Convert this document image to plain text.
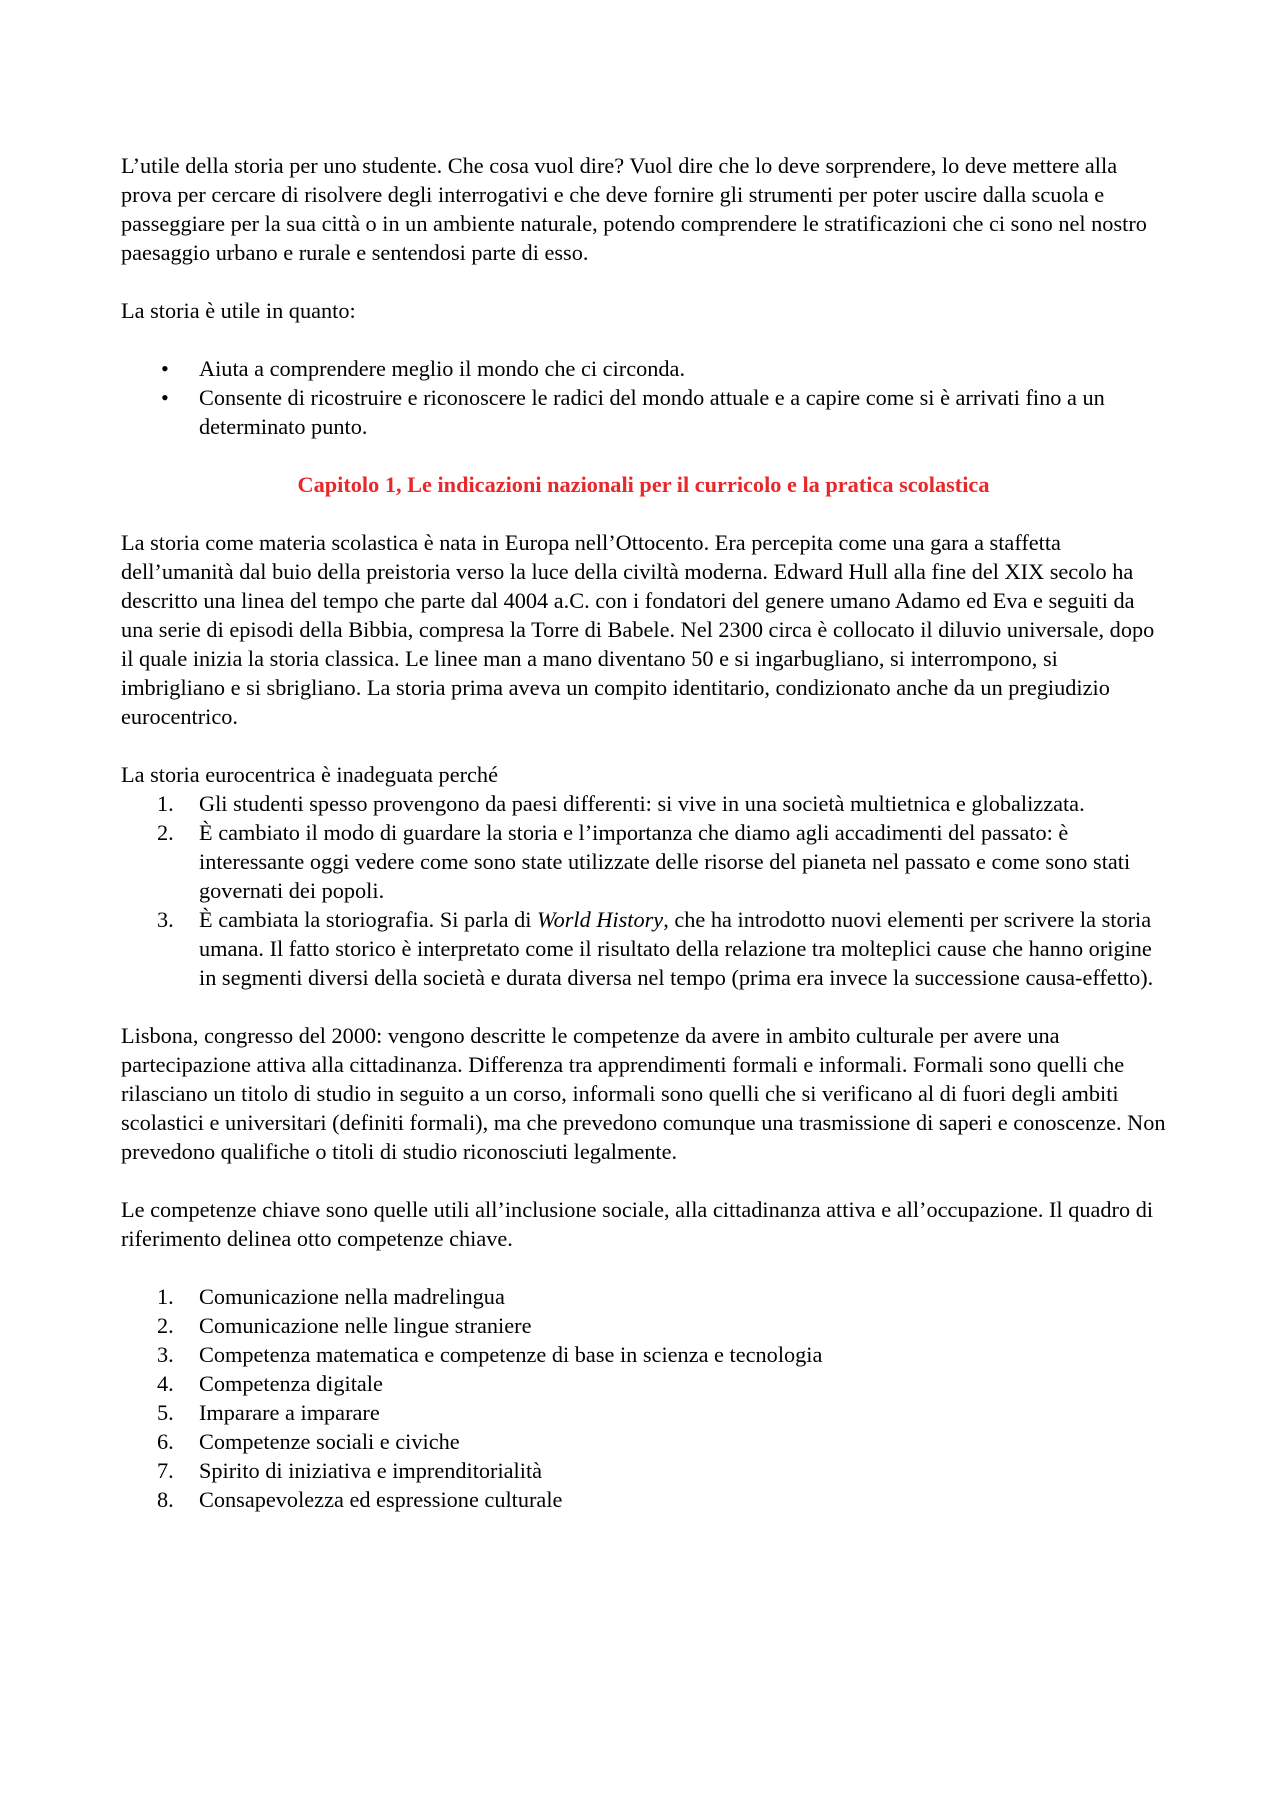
L’utile della storia per uno studente. Che cosa vuol dire? Vuol dire che lo deve sorprendere, lo deve mettere alla prova per cercare di risolvere degli interrogativi e che deve fornire gli strumenti per poter uscire dalla scuola e passeggiare per la sua città o in un ambiente naturale, potendo comprendere le stratificazioni che ci sono nel nostro paesaggio urbano e rurale e sentendosi parte di esso.

La storia è utile in quanto:

• Aiuta a comprendere meglio il mondo che ci circonda.
• Consente di ricostruire e riconoscere le radici del mondo attuale e a capire come si è arrivati fino a un determinato punto.

Capitolo 1, Le indicazioni nazionali per il curricolo e la pratica scolastica

La storia come materia scolastica è nata in Europa nell’Ottocento. Era percepita come una gara a staffetta dell’umanità dal buio della preistoria verso la luce della civiltà moderna. Edward Hull alla fine del XIX secolo ha descritto una linea del tempo che parte dal 4004 a.C. con i fondatori del genere umano Adamo ed Eva e seguiti da una serie di episodi della Bibbia, compresa la Torre di Babele. Nel 2300 circa è collocato il diluvio universale, dopo il quale inizia la storia classica. Le linee man a mano diventano 50 e si ingarbugliano, si interrompono, si imbrigliano e si sbrigliano. La storia prima aveva un compito identitario, condizionato anche da un pregiudizio eurocentrico.

La storia eurocentrica è inadeguata perché

1. Gli studenti spesso provengono da paesi differenti: si vive in una società multietnica e globalizzata.
2. È cambiato il modo di guardare la storia e l’importanza che diamo agli accadimenti del passato: è interessante oggi vedere come sono state utilizzate delle risorse del pianeta nel passato e come sono stati governati dei popoli.
3. È cambiata la storiografia. Si parla di World History, che ha introdotto nuovi elementi per scrivere la storia umana. Il fatto storico è interpretato come il risultato della relazione tra molteplici cause che hanno origine in segmenti diversi della società e durata diversa nel tempo (prima era invece la successione causa-effetto).

Lisbona, congresso del 2000: vengono descritte le competenze da avere in ambito culturale per avere una partecipazione attiva alla cittadinanza. Differenza tra apprendimenti formali e informali. Formali sono quelli che rilasciano un titolo di studio in seguito a un corso, informali sono quelli che si verificano al di fuori degli ambiti scolastici e universitari (definiti formali), ma che prevedono comunque una trasmissione di saperi e conoscenze. Non prevedono qualifiche o titoli di studio riconosciuti legalmente.

Le competenze chiave sono quelle utili all’inclusione sociale, alla cittadinanza attiva e all’occupazione. Il quadro di riferimento delinea otto competenze chiave.

1. Comunicazione nella madrelingua
2. Comunicazione nelle lingue straniere
3. Competenza matematica e competenze di base in scienza e tecnologia
4. Competenza digitale
5. Imparare a imparare
6. Competenze sociali e civiche
7. Spirito di iniziativa e imprenditorialità
8. Consapevolezza ed espressione culturale
